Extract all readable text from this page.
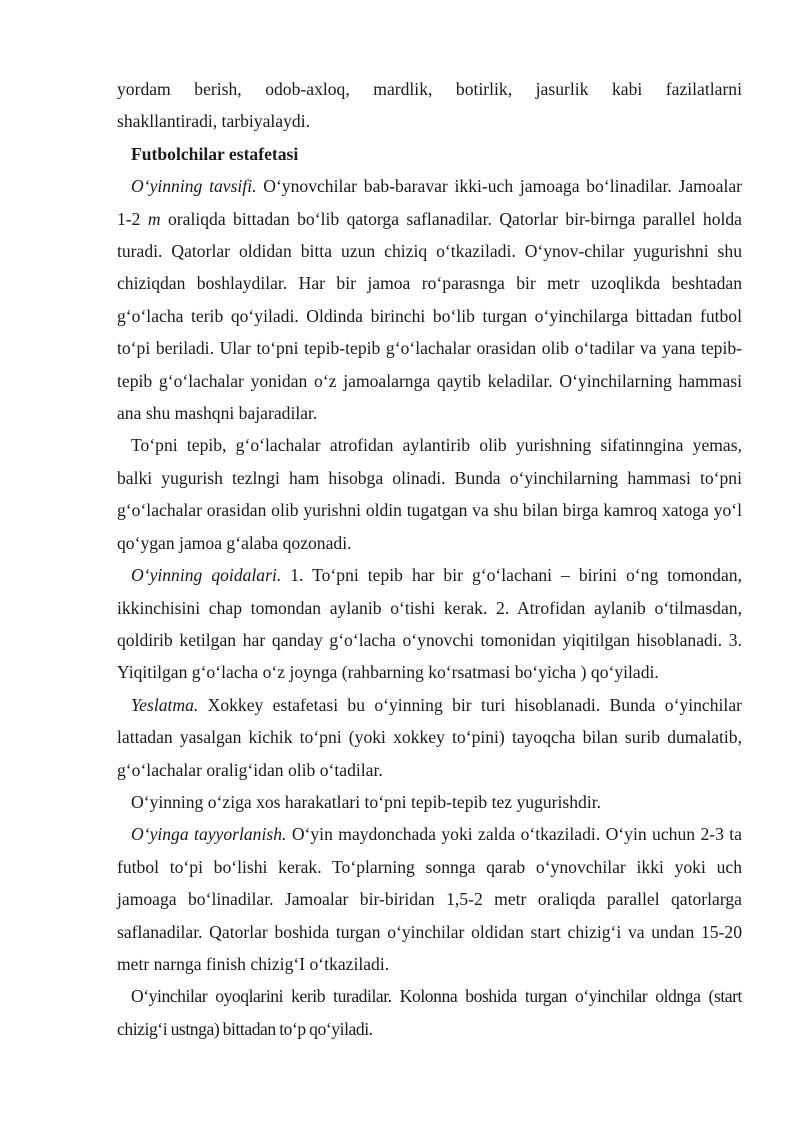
yordam berish, odob-axloq, mardlik, botirlik, jasurlik kabi fazilatlarni
shakllantiradi, tarbiyalaydi.

Futbolchilar estafetasi

O‘yinning tavsifi. O‘ynovchilar bab-baravar ikki-uch jamoaga bo‘linadilar. Jamoalar 1-2 m oraliqda bittadan bo‘lib qatorga saflanadilar. Qatorlar bir-birnga parallel holda turadi. Qatorlar oldidan bitta uzun chiziq o‘tkaziladi. O‘ynov-chilar yugurishni shu chiziqdan boshlaydilar. Har bir jamoa ro‘parasnga bir metr uzoqlikda beshtadan g‘o‘lacha terib qo‘yiladi. Oldinda birinchi bo‘lib turgan o‘yinchilarga bittadan futbol to‘pi beriladi. Ular to‘pni tepib-tepib g‘o‘lachalar orasidan olib o‘tadilar va yana tepib-tepib g‘o‘lachalar yonidan o‘z jamoalarnga qaytib keladilar. O‘yinchilarning hammasi ana shu mashqni bajaradilar.

To‘pni tepib, g‘o‘lachalar atrofidan aylantirib olib yurishning sifatinngina yemas, balki yugurish tezlngi ham hisobga olinadi. Bunda o‘yinchilarning hammasi to‘pni g‘o‘lachalar orasidan olib yurishni oldin tugatgan va shu bilan birga kamroq xatoga yo‘l qo‘ygan jamoa g‘alaba qozonadi.

O‘yinning qoidalari. 1. To‘pni tepib har bir g‘o‘lachani – birini o‘ng tomondan, ikkinchisini chap tomondan aylanib o‘tishi kerak. 2. Atrofidan aylanib o‘tilmasdan, qoldirib ketilgan har qanday g‘o‘lacha o‘ynovchi tomonidan yiqitilgan hisoblanadi. 3. Yiqitilgan g‘o‘lacha o‘z joynga (rahbarning ko‘rsatmasi bo‘yicha ) qo‘yiladi.

Yeslatma. Xokkey estafetasi bu o‘yinning bir turi hisoblanadi. Bunda o‘yinchilar lattadan yasalgan kichik to‘pni (yoki xokkey to‘pini) tayoqcha bilan surib dumalatib, g‘o‘lachalar oralig‘idan olib o‘tadilar.

O‘yinning o‘ziga xos harakatlari to‘pni tepib-tepib tez yugurishdir.

O‘yinga tayyorlanish. O‘yin maydonchada yoki zalda o‘tkaziladi. O‘yin uchun 2-3 ta futbol to‘pi bo‘lishi kerak. To‘plarning sonnga qarab o‘ynovchilar ikki yoki uch jamoaga bo‘linadilar. Jamoalar bir-biridan 1,5-2 metr oraliqda parallel qatorlarga saflanadilar. Qatorlar boshida turgan o‘yinchilar oldidan start chizig‘i va undan 15-20 metr narnga finish chizig‘I o‘tkaziladi.

O‘yinchilar oyoqlarini kerib turadilar. Kolonna boshida turgan o‘yinchilar oldnga (start chizig‘i ustnga) bittadan to‘p qo‘yiladi.
